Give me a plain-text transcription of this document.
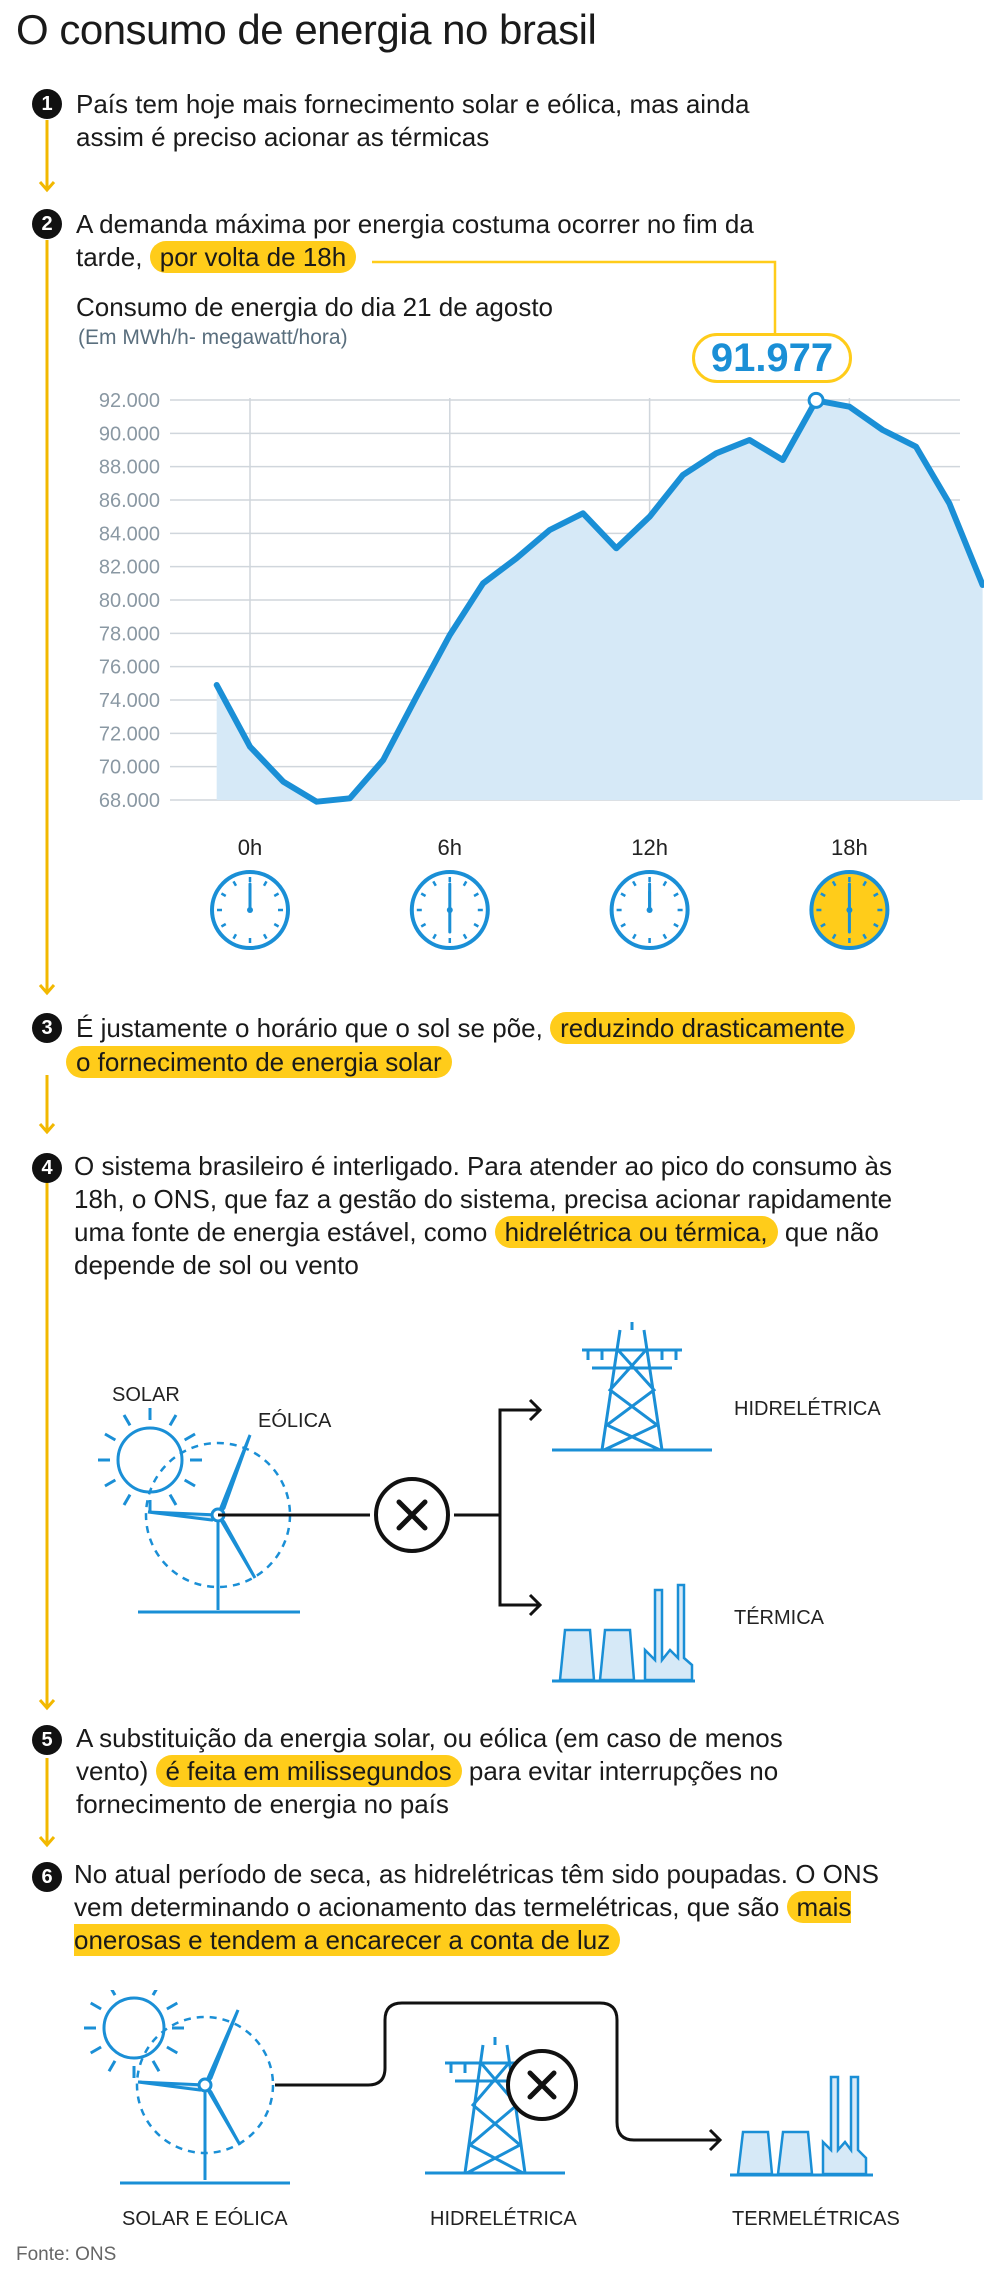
O consumo de energia no brasil
1 País tem hoje mais fornecimento solar e eólica, mas ainda assim é preciso acionar as térmicas
2 A demanda máxima por energia costuma ocorrer no fim da tarde, por volta de 18h
Consumo de energia do dia 21 de agosto
(Em MWh/h- megawatt/hora)
92.000
90.000
88.000
86.000
84.000
82.000
80.000
78.000
76.000
74.000
72.000
70.000
68.000
0h	6h	12h	18h
91.977
3 É justamente o horário que o sol se põe, reduzindo drasticamente
o fornecimento de energia solar
4 O sistema brasileiro é interligado. Para atender ao pico do consumo às 18h, o ONS, que faz a gestão do sistema, precisa acionar rapidamente uma fonte de energia estável, como hidrelétrica ou térmica, que não depende de sol ou vento
SOLAR
EÓLICA
HIDRELÉTRICA
TÉRMICA
5 A substituição da energia solar, ou eólica (em caso de menos vento) é feita em milissegundos para evitar interrupções no fornecimento de energia no país
6 No atual período de seca, as hidrelétricas têm sido poupadas. O ONS vem determinando o acionamento das termelétricas, que são mais onerosas e tendem a encarecer a conta de luz
SOLAR E EÓLICA	HIDRELÉTRICA	TERMELÉTRICAS
Fonte: ONS
